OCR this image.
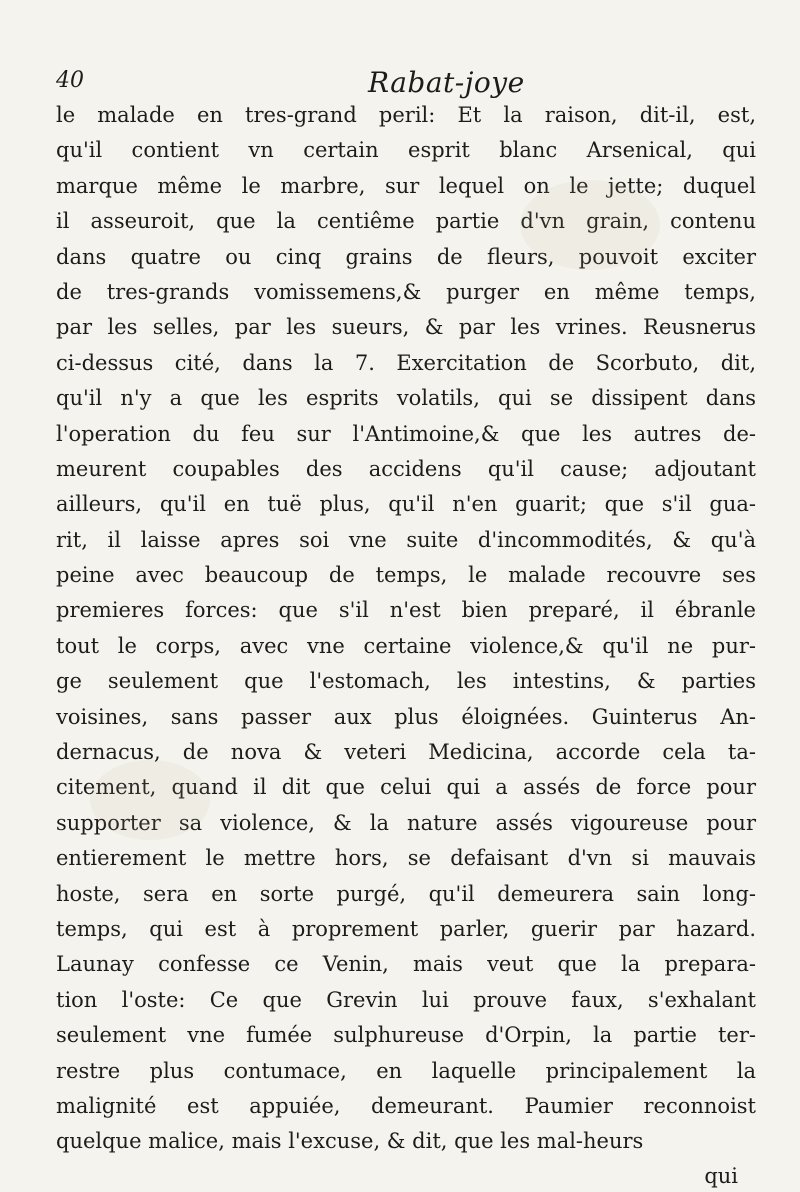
40	Rabat-joye
le malade en tres-grand peril: Et la raison, dit-il, est,
qu'il contient vn certain esprit blanc Arsenical, qui
marque même le marbre, sur lequel on le jette; duquel
il asseuroit, que la centiême partie d'vn grain, contenu
dans quatre ou cinq grains de fleurs, pouvoit exciter
de tres-grands vomissemens,& purger en même temps,
par les selles, par les sueurs, & par les vrines. Reusnerus
ci-dessus cité, dans la 7. Exercitation de Scorbuto, dit,
qu'il n'y a que les esprits volatils, qui se dissipent dans
l'operation du feu sur l'Antimoine,& que les autres de-
meurent coupables des accidens qu'il cause; adjoutant
ailleurs, qu'il en tuë plus, qu'il n'en guarit; que s'il gua-
rit, il laisse apres soi vne suite d'incommodités, & qu'à
peine avec beaucoup de temps, le malade recouvre ses
premieres forces: que s'il n'est bien preparé, il ébranle
tout le corps, avec vne certaine violence,& qu'il ne pur-
ge seulement que l'estomach, les intestins, & parties
voisines, sans passer aux plus éloignées. Guinterus An-
dernacus, de nova & veteri Medicina, accorde cela ta-
citement, quand il dit que celui qui a assés de force pour
supporter sa violence, & la nature assés vigoureuse pour
entierement le mettre hors, se defaisant d'vn si mauvais
hoste, sera en sorte purgé, qu'il demeurera sain long-
temps, qui est à proprement parler, guerir par hazard.
Launay confesse ce Venin, mais veut que la prepara-
tion l'oste: Ce que Grevin lui prouve faux, s'exhalant
seulement vne fumée sulphureuse d'Orpin, la partie ter-
restre plus contumace, en laquelle principalement la
malignité est appuiée, demeurant. Paumier reconnoist
quelque malice, mais l'excuse, & dit, que les mal-heurs
qui
